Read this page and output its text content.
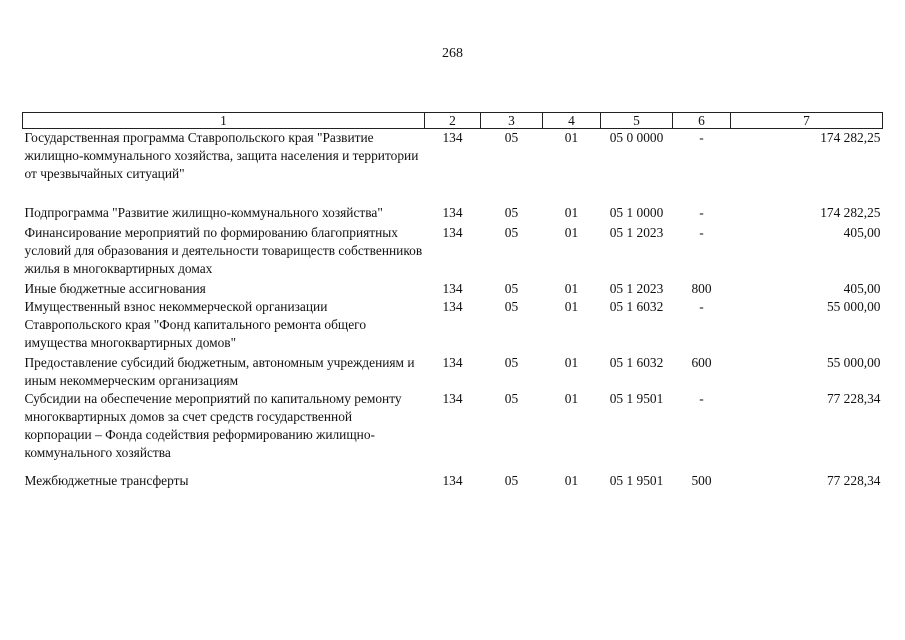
268
1	2	3	4	5	6	7
Государственная программа Ставропольского края "Развитие жилищно-коммунального хозяйства, защита населения и территории от чрезвычайных ситуаций"	134	05	01	05 0 0000	-	174 282,25
Подпрограмма "Развитие жилищно-коммунального хозяйства"	134	05	01	05 1 0000	-	174 282,25
Финансирование мероприятий по формированию благоприятных условий для образования и деятельности товариществ собственников жилья в многоквартирных домах	134	05	01	05 1 2023	-	405,00
Иные бюджетные ассигнования	134	05	01	05 1 2023	800	405,00
Имущественный взнос некоммерческой организации Ставропольского края "Фонд капитального ремонта общего имущества многоквартирных домов"	134	05	01	05 1 6032	-	55 000,00
Предоставление субсидий бюджетным, автономным учреждениям и иным некоммерческим организациям	134	05	01	05 1 6032	600	55 000,00
Субсидии на обеспечение мероприятий по капитальному ремонту многоквартирных домов за счет средств государственной корпорации – Фонда содействия реформированию жилищно-коммунального хозяйства	134	05	01	05 1 9501	-	77 228,34
Межбюджетные трансферты	134	05	01	05 1 9501	500	77 228,34
